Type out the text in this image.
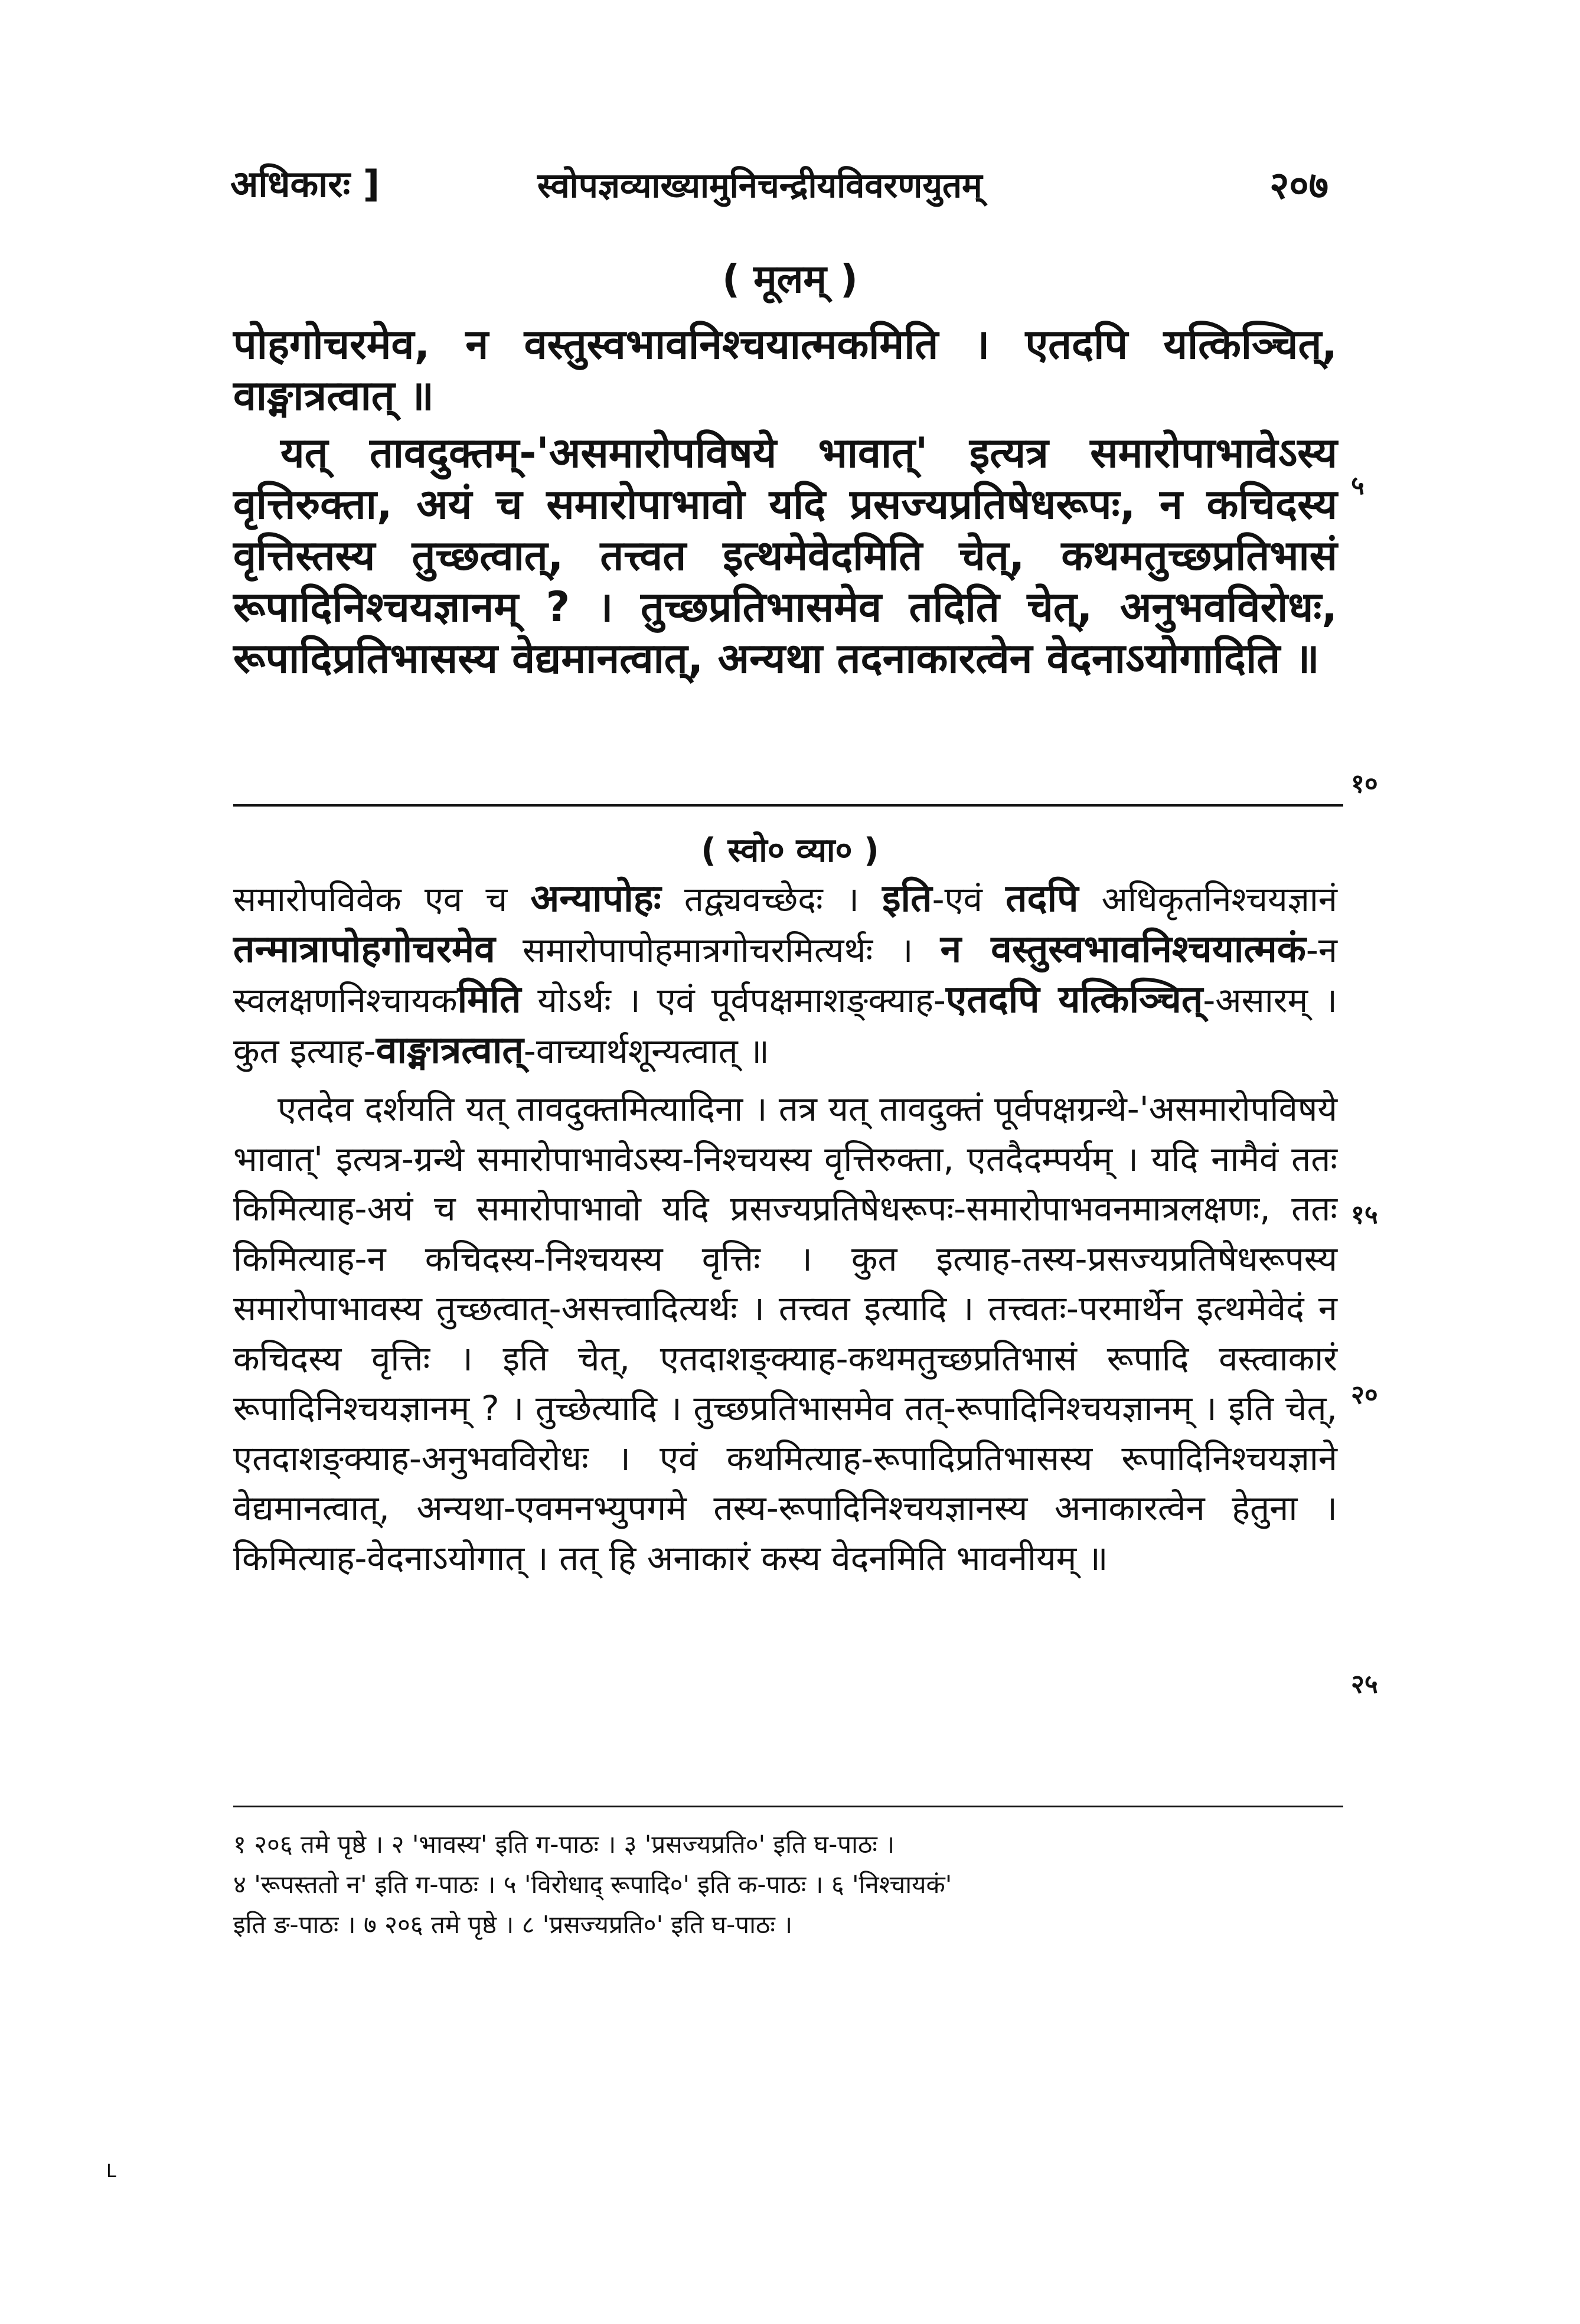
अधिकारः ]	स्वोपज्ञव्याख्यामुनिचन्द्रीयविवरणयुतम्	२०७
( मूलम् )

पोहगोचरमेव, न वस्तुस्वभावनिश्चयात्मकमिति । एतदपि यत्किञ्चित्, वाङ्मात्रत्वात् ॥

यत् तावदुक्तम्-'असमारोपविषये भावात्' इत्यत्र समारोपाभावेऽस्य वृत्तिरुक्ता, अयं च समारोपाभावो यदि प्रसज्यप्रतिषेधरूपः, न कचिदस्य वृत्तिस्तस्य तुच्छत्वात्, तत्त्वत इत्थमेवेदमिति चेत्, कथमतुच्छप्रतिभासं रूपादिनिश्चयज्ञानम् ? । तुच्छप्रतिभासमेव तदिति चेत्, अनुभवविरोधः, रूपादिप्रतिभासस्य वेद्यमानत्वात्, अन्यथा तदनाकारत्वेन वेदनाऽयोगादिति ॥

५
१०
( स्वो० व्या० )

समारोपविवेक एव च अन्यापोहः तद्व्यवच्छेदः । इति-एवं तदपि अधिकृतनिश्चयज्ञानं तन्मात्रापोहगोचरमेव समारोपापोहमात्रगोचरमित्यर्थः । न वस्तुस्वभावनिश्चयात्मकं-न स्वलक्षणनिश्चायकमिति योऽर्थः । एवं पूर्वपक्षमाशङ्क्याह-एतदपि यत्किञ्चित्-असारम् । कुत इत्याह-वाङ्मात्रत्वात्-वाच्यार्थशून्यत्वात् ॥

एतदेव दर्शयति यत् तावदुक्तमित्यादिना । तत्र यत् तावदुक्तं पूर्वपक्षग्रन्थे-'असमारोपविषये भावात्' इत्यत्र-ग्रन्थे समारोपाभावेऽस्य-निश्चयस्य वृत्तिरुक्ता, एतदैदम्पर्यम् । यदि नामैवं ततः किमित्याह-अयं च समारोपाभावो यदि प्रसज्यप्रतिषेधरूपः-समारोपाभवनमात्रलक्षणः, ततः किमित्याह-न कचिदस्य-निश्चयस्य वृत्तिः । कुत इत्याह-तस्य-प्रसज्यप्रतिषेधरूपस्य समारोपाभावस्य तुच्छत्वात्-असत्त्वादित्यर्थः । तत्त्वत इत्यादि । तत्त्वतः-परमार्थेन इत्थमेवेदं न कचिदस्य वृत्तिः । इति चेत्, एतदाशङ्क्याह-कथमतुच्छप्रतिभासं रूपादि वस्त्वाकारं रूपादिनिश्चयज्ञानम् ? । तुच्छेत्यादि । तुच्छप्रतिभासमेव तत्-रूपादिनिश्चयज्ञानम् । इति चेत्, एतदाशङ्क्याह-अनुभवविरोधः । एवं कथमित्याह-रूपादिप्रतिभासस्य रूपादिनिश्चयज्ञाने वेद्यमानत्वात्, अन्यथा-एवमनभ्युपगमे तस्य-रूपादिनिश्चयज्ञानस्य अनाकारत्वेन हेतुना । किमित्याह-वेदनाऽयोगात् । तत् हि अनाकारं कस्य वेदनमिति भावनीयम् ॥

१५
२०
२५

१ २०६ तमे पृष्ठे । २ 'भावस्य' इति ग-पाठः । ३ 'प्रसज्यप्रति०' इति घ-पाठः ।

४ 'रूपस्ततो न' इति ग-पाठः । ५ 'विरोधाद् रूपादि०' इति क-पाठः । ६ 'निश्चायकं'

इति ङ-पाठः । ७ २०६ तमे पृष्ठे । ८ 'प्रसज्यप्रति०' इति घ-पाठः ।

L
